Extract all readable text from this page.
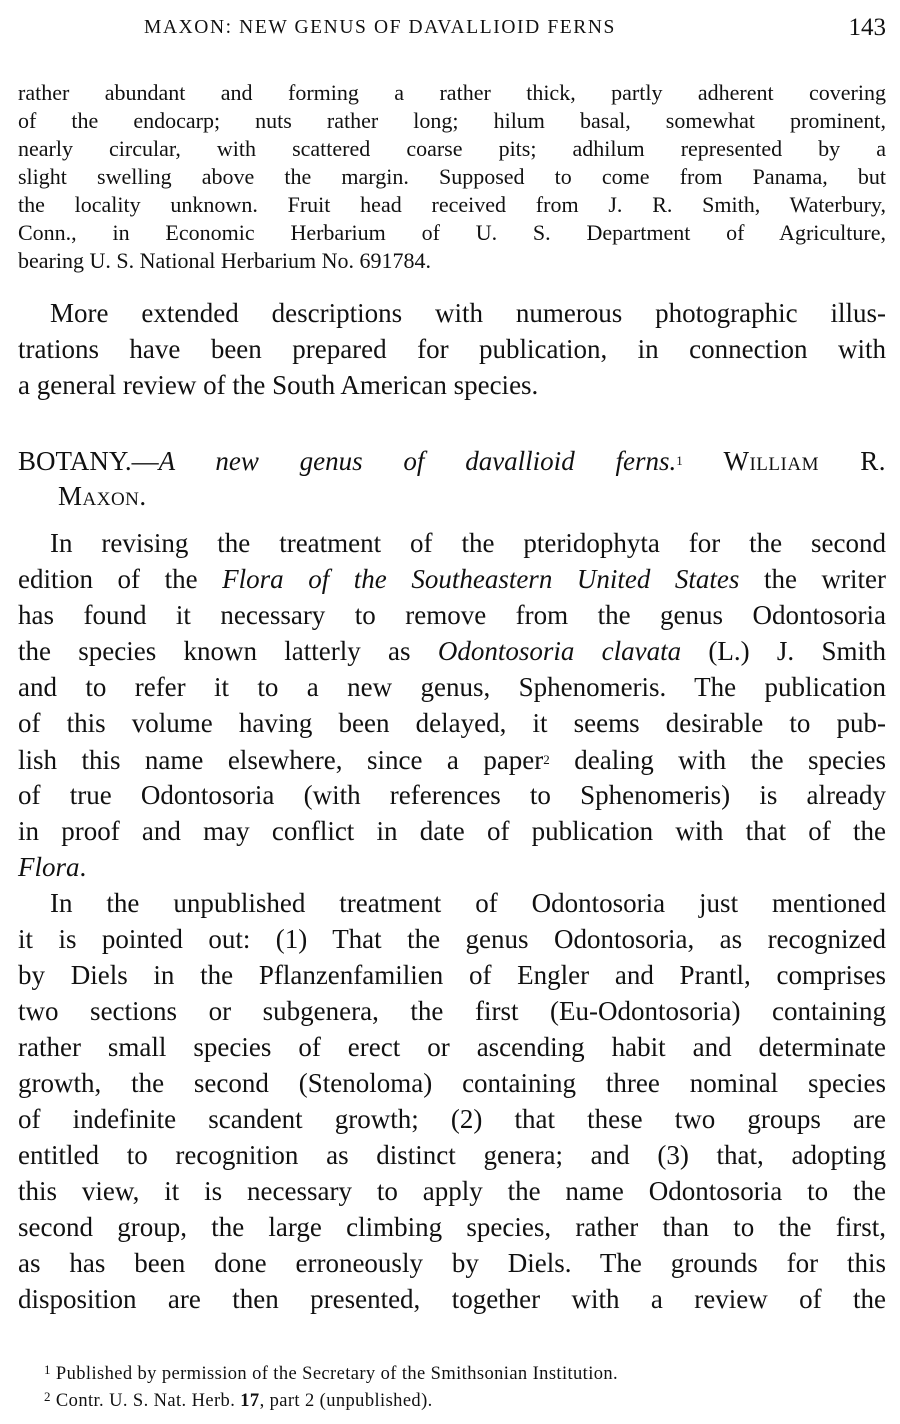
MAXON: NEW GENUS OF DAVALLIOID FERNS	143
rather abundant and forming a rather thick, partly adherent covering
of the endocarp; nuts rather long; hilum basal, somewhat prominent,
nearly circular, with scattered coarse pits; adhilum represented by a
slight swelling above the margin. Supposed to come from Panama, but
the locality unknown. Fruit head received from J. R. Smith, Waterbury,
Conn., in Economic Herbarium of U. S. Department of Agriculture,
bearing U. S. National Herbarium No. 691784.
More extended descriptions with numerous photographic illus-
trations have been prepared for publication, in connection with
a general review of the South American species.
BOTANY.—A new genus of davallioid ferns.$^1$ William R.
Maxon.
In revising the treatment of the pteridophyta for the second
edition of the Flora of the Southeastern United States the writer
has found it necessary to remove from the genus Odontosoria
the species known latterly as Odontosoria clavata (L.) J. Smith
and to refer it to a new genus, Sphenomeris. The publication
of this volume having been delayed, it seems desirable to pub-
lish this name elsewhere, since a paper$^2$ dealing with the species
of true Odontosoria (with references to Sphenomeris) is already
in proof and may conflict in date of publication with that of the
Flora.
In the unpublished treatment of Odontosoria just mentioned
it is pointed out: (1) That the genus Odontosoria, as recognized
by Diels in the Pflanzenfamilien of Engler and Prantl, comprises
two sections or subgenera, the first (Eu-Odontosoria) containing
rather small species of erect or ascending habit and determinate
growth, the second (Stenoloma) containing three nominal species
of indefinite scandent growth; (2) that these two groups are
entitled to recognition as distinct genera; and (3) that, adopting
this view, it is necessary to apply the name Odontosoria to the
second group, the large climbing species, rather than to the first,
as has been done erroneously by Diels. The grounds for this
disposition are then presented, together with a review of the
$^1$ Published by permission of the Secretary of the Smithsonian Institution.
$^2$ Contr. U. S. Nat. Herb. 17, part 2 (unpublished).
